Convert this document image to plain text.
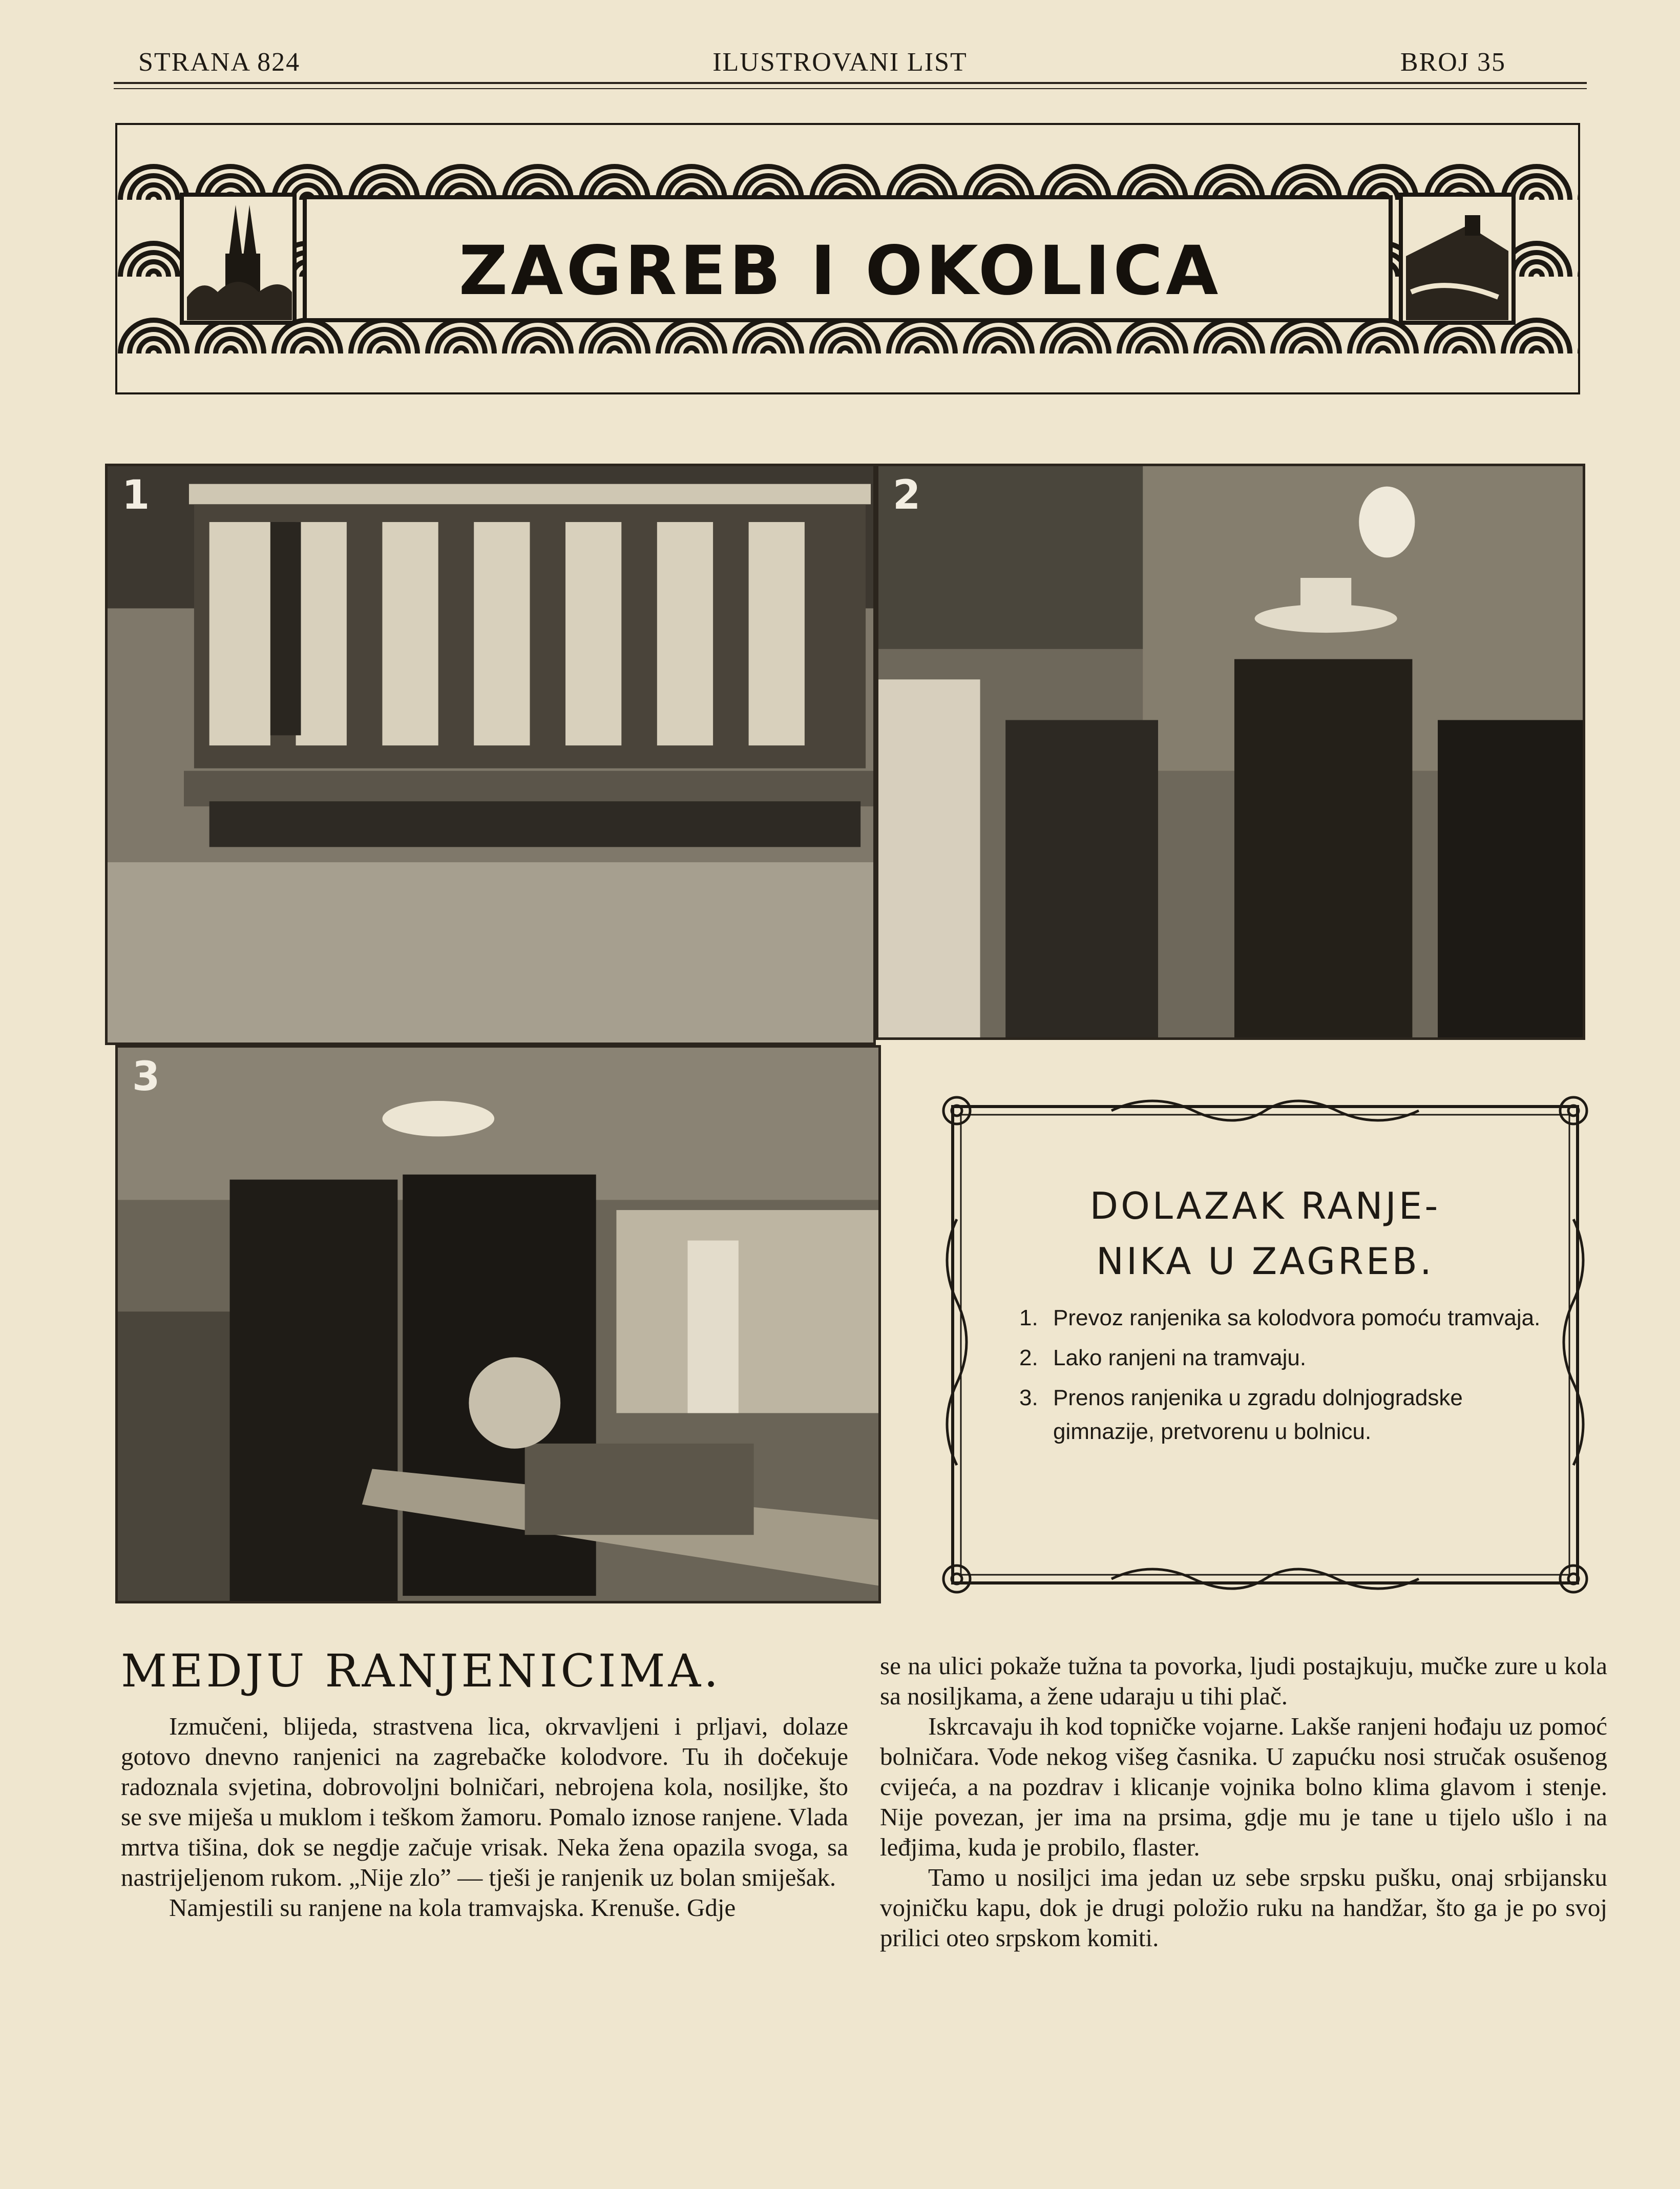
STRANA 824	ILUSTROVANI LIST	BROJ 35
ZAGREB I OKOLICA
1	2
3
DOLAZAK RANJE-
NIKA U ZAGREB.
1. Prevoz ranjenika sa kolodvora pomoću tramvaja.
2. Lako ranjeni na tramvaju.
3. Prenos ranjenika u zgradu dolnjogradske gimnazije, pretvorenu u bolnicu.
MEDJU RANJENICIMA.

Izmučeni, blijeda, strastvena lica, okrvavljeni i prljavi, dolaze gotovo dnevno ranjenici na zagrebačke kolodvore. Tu ih dočekuje radoznala svjetina, dobrovoljni bolničari, nebrojena kola, nosiljke, što se sve miješa u muklom i teškom žamoru. Pomalo iznose ranjene. Vlada mrtva tišina, dok se negdje začuje vrisak. Neka žena opazila svoga, sa nastrijeljenom rukom. „Nije zlo” — tješi je ranjenik uz bolan smiješak.

Namjestili su ranjene na kola tramvajska. Krenuše. Gdje

se na ulici pokaže tužna ta povorka, ljudi postajkuju, mučke zure u kola sa nosiljkama, a žene udaraju u tihi plač.

Iskrcavaju ih kod topničke vojarne. Lakše ranjeni hođaju uz pomoć bolničara. Vode nekog višeg časnika. U zapućku nosi stručak osušenog cvijeća, a na pozdrav i klicanje vojnika bolno klima glavom i stenje. Nije povezan, jer ima na prsima, gdje mu je tane u tijelo ušlo i na leđjima, kuda je probilo, flaster.

Tamo u nosilјci ima jedan uz sebe srpsku pušku, onaj srbijansku vojničku kapu, dok je drugi položio ruku na handžar, što ga je po svoj prilici oteo srpskom komiti.
